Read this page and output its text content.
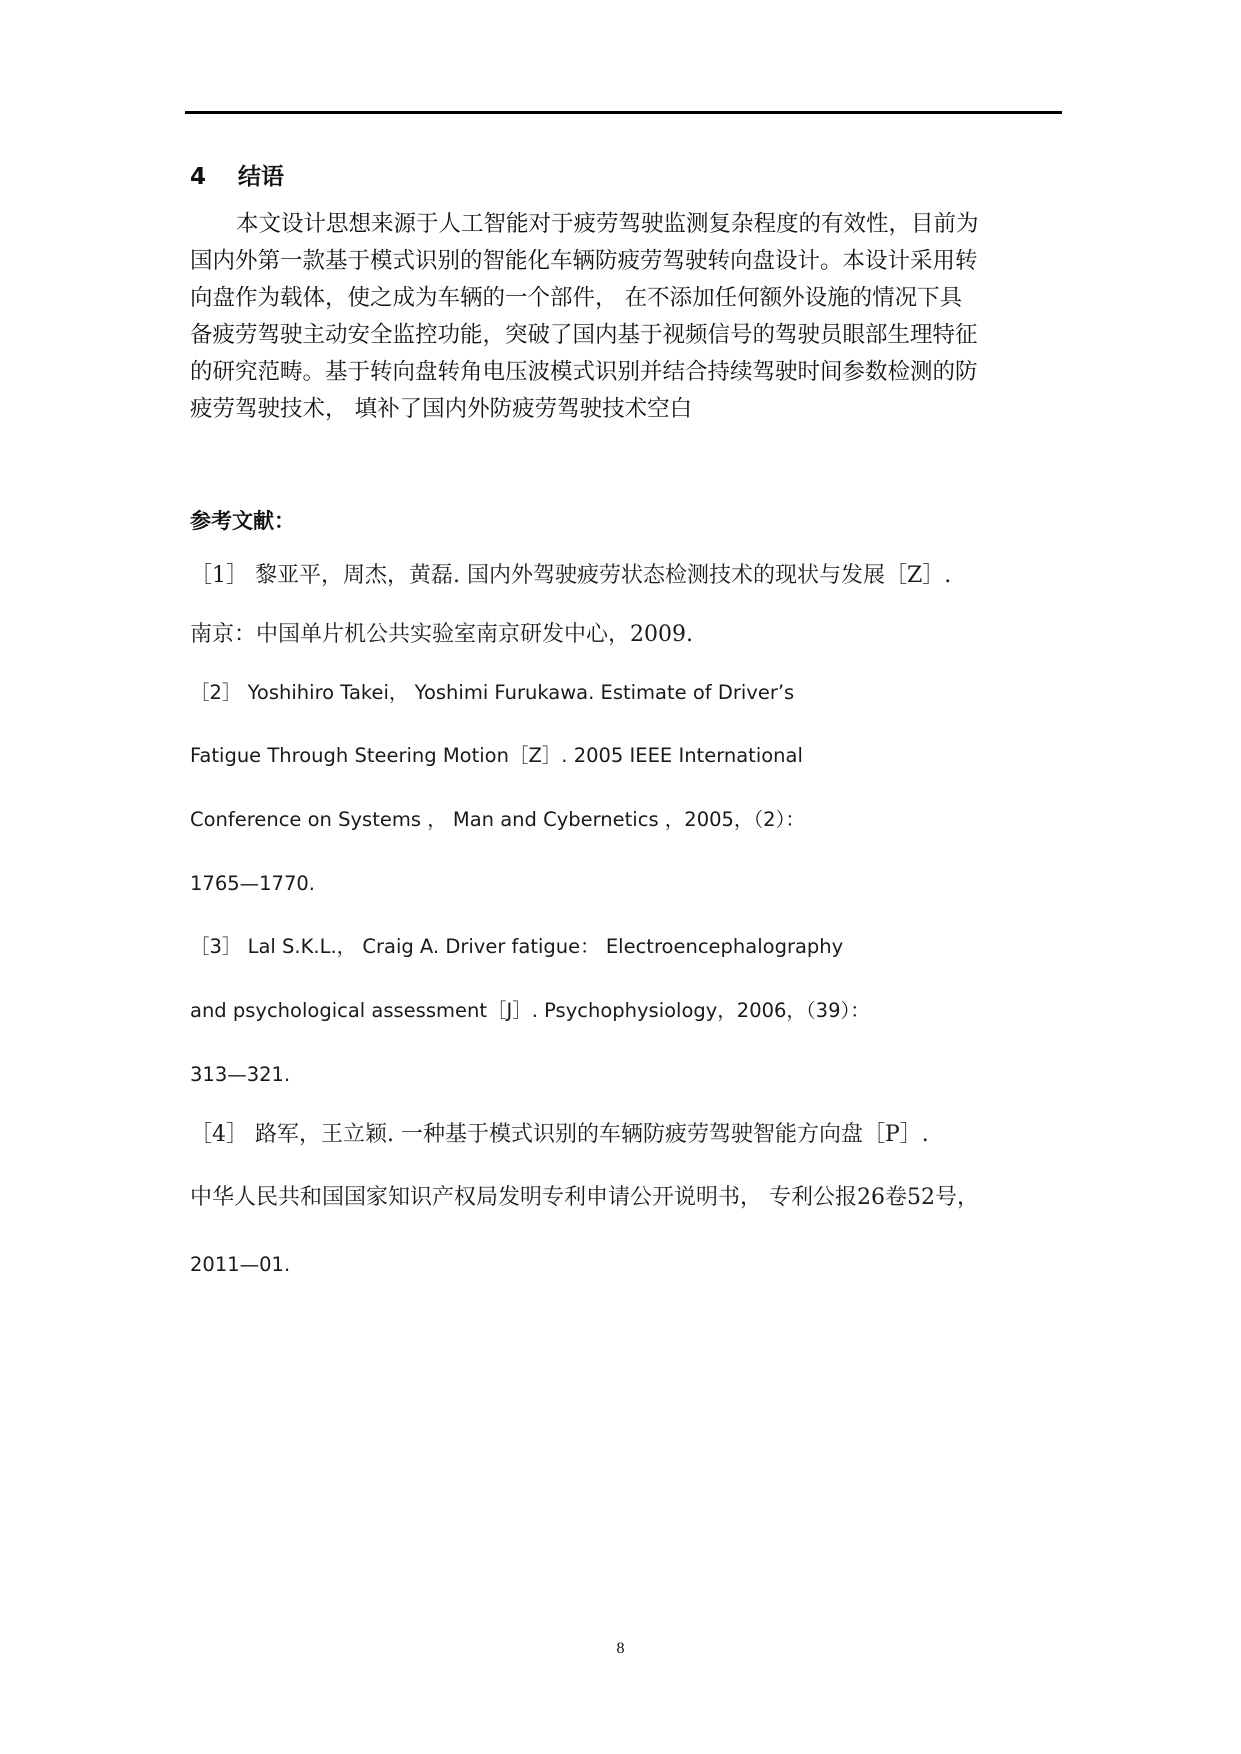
4 结语
本文设计思想来源于人工智能对于疲劳驾驶监测复杂程度的有效性，目前为
国内外第一款基于模式识别的智能化车辆防疲劳驾驶转向盘设计。本设计采用转
向盘作为载体，使之成为车辆的一个部件， 在不添加任何额外设施的情况下具
备疲劳驾驶主动安全监控功能，突破了国内基于视频信号的驾驶员眼部生理特征
的研究范畴。基于转向盘转角电压波模式识别并结合持续驾驶时间参数检测的防
疲劳驾驶技术， 填补了国内外防疲劳驾驶技术空白
参考文献：
［1］ 黎亚平，周杰，黄磊. 国内外驾驶疲劳状态检测技术的现状与发展［Z］.
南京：中国单片机公共实验室南京研发中心，2009.
［2］ Yoshihiro Takei， Yoshimi Furukawa. Estimate of Driver’s
Fatigue Through Steering Motion［Z］. 2005 IEEE International
Conference on Systems ， Man and Cybernetics ，2005，（2）：
1765—1770.
［3］ Lal S.K.L.， Craig A. Driver fatigue： Electroencephalography
and psychological assessment［J］. Psychophysiology，2006，（39）：
313—321.
［4］ 路军，王立颖. 一种基于模式识别的车辆防疲劳驾驶智能方向盘［P］.
中华人民共和国国家知识产权局发明专利申请公开说明书， 专利公报26卷52号，
2011—01.
8
